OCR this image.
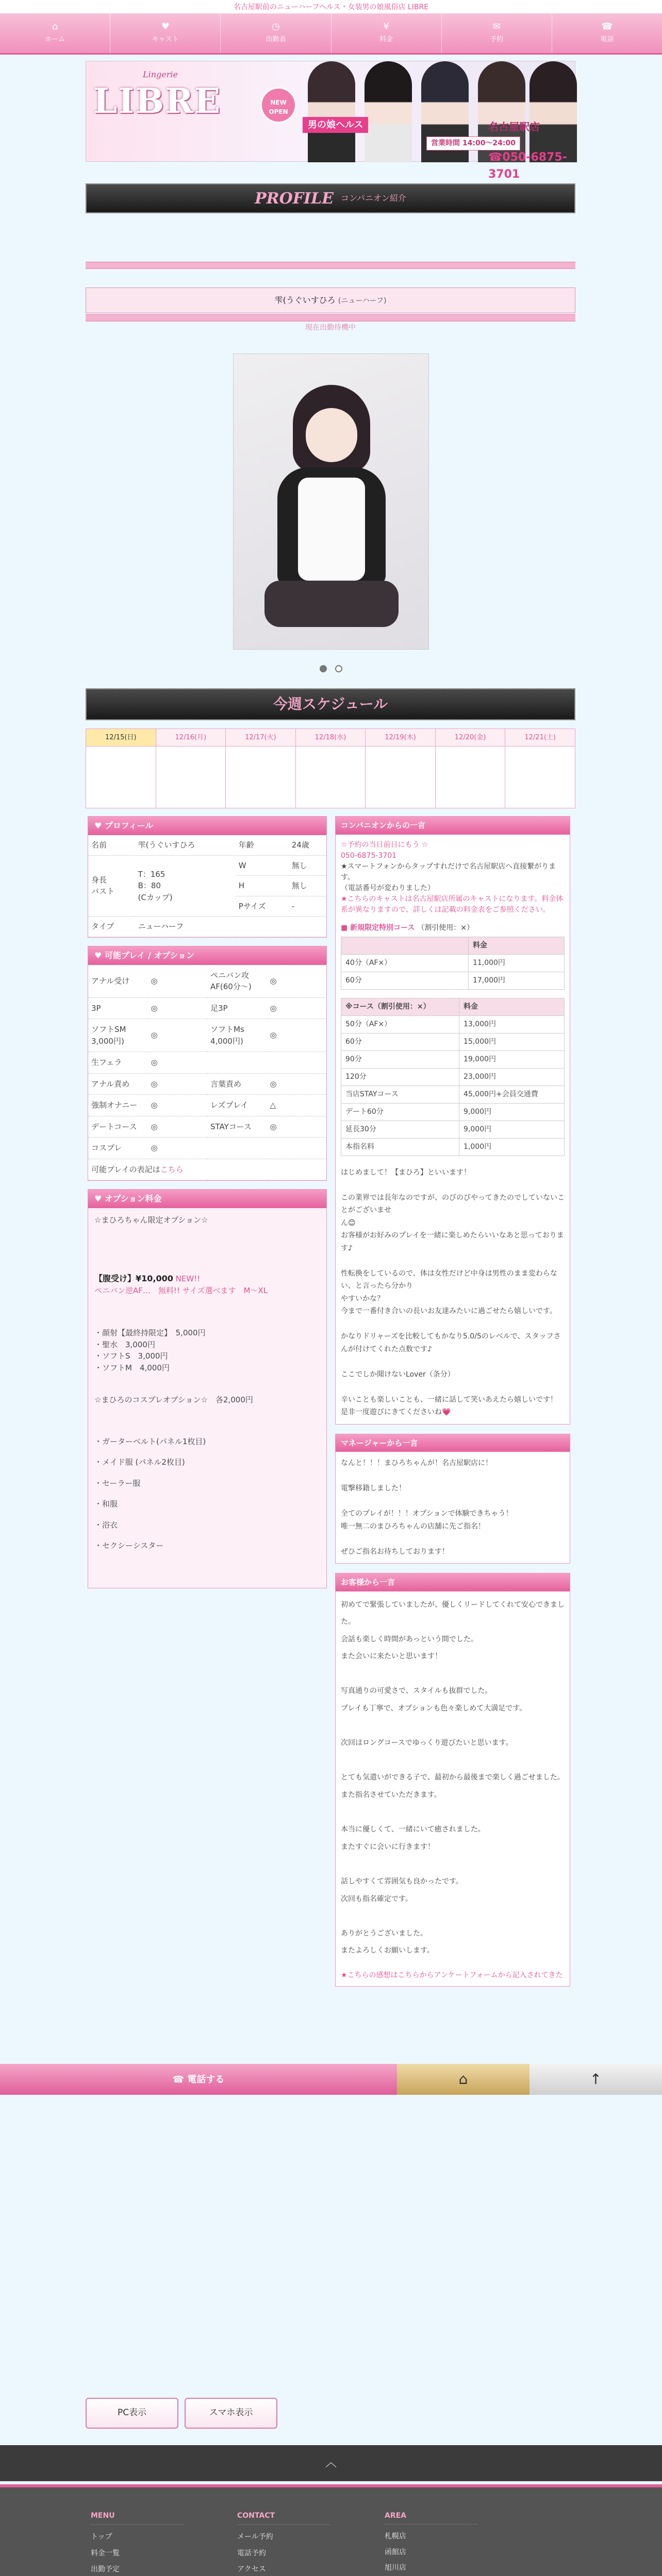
名古屋駅前のニューハーフヘルス・女装男の娘風俗店 LIBRE
⌂
ホーム
♥
キャスト
◷
出勤表
¥
料金
✉
予約
☎
電話
Lingerie
LIBRE	NEW OPEN
男の娘ヘルス	名古屋駅店
営業時間 14:00〜24:00
☎050-6875-3701
PROFILE コンパニオン紹介
雫(うぐいすひろ (ニューハーフ)
現在出勤待機中
今週スケジュール
12/15(日)	12/16(月)	12/17(火)	12/18(水)	12/19(木)	12/20(金)	12/21(土)

♥ プロフィール
名前	雫(うぐいすひろ	年齢	24歳
身長
バスト	T：165
B：80
(Cカップ)	W	無し
		H	無し
		Pサイズ	-
タイプ	ニューハーフ		
♥ 可能プレイ / オプション
アナル受け	◎	ペニバン攻
AF(60分〜)	◎
3P	◎	足3P	◎
ソフトSM
3,000円)	◎	ソフトMs
4,000円)	◎
生フェラ	◎		
アナル責め	◎	言葉責め	◎
強制オナニー	◎	レズプレイ	△
デートコース	◎	STAYコース	◎
コスプレ	◎		
可能プレイの表記はこちら			
♥ オプション料金

☆まひろちゃん限定オプション☆

【腹受け】¥10,000 NEW!!

ペニバン逆AF…　無料!! サイズ選べます　M〜XL

・顔射【最終持限定】　5,000円

・聖水　3,000円

・ソフトS　3,000円

・ソフトM　4,000円

☆まひろのコスプレオプション☆　各2,000円

・ガーターベルト(パネル1枚目)

・メイド服 (パネル2枚目)

・セーラー服

・和服

・浴衣

・セクシーシスター

コンパニオンからの一言

☆予約の当日前日にもう ☆

050-6875-3701

★スマートフォンからタップすれだけで名古屋駅店へ直接繋がります。

（電話番号が変わりました）

★こちらのキャストは名古屋駅店所属のキャストになります。料金体系が異なりますので、詳しくは記載の料金表をご参照ください。

■ 新規限定特別コース （割引使用：×）

	料金
40分（AF×）	11,000円
60分	17,000円
※コース（割引使用：×）	料金
50分（AF×）	13,000円
60分	15,000円
90分	19,000円
120分	23,000円
当店STAYコース	45,000円+会員交通費
デート60分	9,000円
延長30分	9,000円
本指名料	1,000円

はじめまして！【まひろ】といいます！

この業界では長年なのですが、のびのびやってきたのでしていないことがございませ
ん😊
お客様がお好みのプレイを一緒に楽しめたらいいなあと思っております♪

性転換をしているので、体は女性だけど中身は男性のまま変わらない、と言ったら分かり
やすいかな？
今まで一番付き合いの長いお友達みたいに過ごせたら嬉しいです。

かなりドリャーズを比較してもかなり5.0/5のレベルで、スタッフさんが付けてくれた点数です♪

ここでしか聞けないLover（条分）

辛いことも楽しいことも、一緒に話して笑いあえたら嬉しいです！
是非一度遊びにきてくださいね💗

マネージャーから一言

なんと！！！まひろちゃんが！名古屋駅店に！

電撃移籍しました！

全てのプレイが！！！オプションで体験できちゃう！
唯一無二のまひろちゃんの店舗に先ご指名！

ぜひご指名お待ちしております！

お客様から一言

初めてで緊張していましたが、優しくリードしてくれて安心できました。
会話も楽しく時間があっという間でした。
また会いに来たいと思います！

写真通りの可愛さで、スタイルも抜群でした。
プレイも丁寧で、オプションも色々楽しめて大満足です。

次回はロングコースでゆっくり遊びたいと思います。

とても気遣いができる子で、最初から最後まで楽しく過ごせました。
また指名させていただきます。

本当に優しくて、一緒にいて癒されました。
またすぐに会いに行きます！

話しやすくて雰囲気も良かったです。
次回も指名確定です。

ありがとうございました。
またよろしくお願いします。

★こちらの感想はこちらからアンケートフォームから記入されてきた

☎ 電話する	⌂	↑
PC表示	スマホ表示
︿
MENU
トップ
料金一覧
出勤予定
CONTACT
メール予約
電話予約
アクセス
AREA
札幌店
函館店
旭川店
